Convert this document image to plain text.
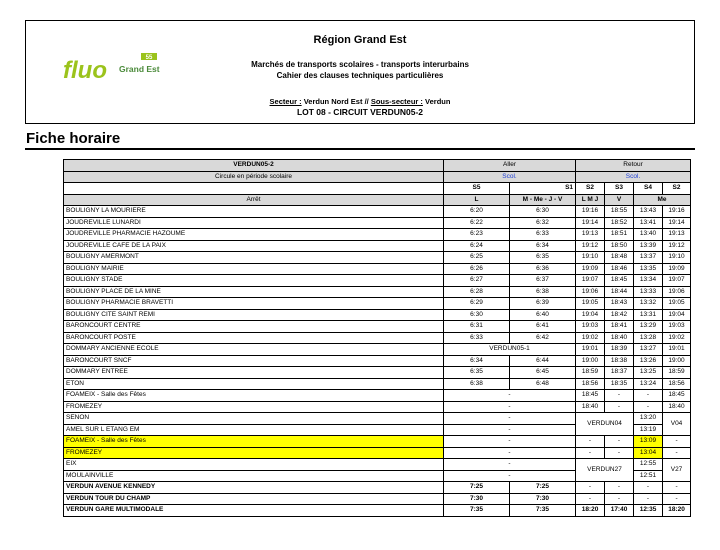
fluo	55
Grand Est
Région Grand Est
Marchés de transports scolaires - transports interurbains
Cahier des clauses techniques particulières
Secteur : Verdun Nord Est // Sous-secteur : Verdun
LOT 08 - CIRCUIT VERDUN05-2
Fiche horaire
VERDUN05-2	Aller		Retour			
Circule en période scolaire	Scol.		Scol.			
	S5	S1	S2	S3	S4	S2
Arrêt	L	M - Me - J - V	L M J	V	Me	
BOULIGNY LA MOURIERE	6:20	6:30	19:16	18:55	13:43	19:16
JOUDREVILLE LUNARDI	6:22	6:32	19:14	18:52	13:41	19:14
JOUDREVILLE PHARMACIE HAZOUME	6:23	6:33	19:13	18:51	13:40	19:13
JOUDREVILLE CAFE DE LA PAIX	6:24	6:34	19:12	18:50	13:39	19:12
BOULIGNY AMERMONT	6:25	6:35	19:10	18:48	13:37	19:10
BOULIGNY MAIRIE	6:26	6:36	19:09	18:46	13:35	19:09
BOULIGNY STADE	6:27	6:37	19:07	18:45	13:34	19:07
BOULIGNY PLACE DE LA MINE	6:28	6:38	19:06	18:44	13:33	19:06
BOULIGNY PHARMACIE BRAVETTI	6:29	6:39	19:05	18:43	13:32	19:05
BOULIGNY CITE SAINT REMI	6:30	6:40	19:04	18:42	13:31	19:04
BARONCOURT CENTRE	6:31	6:41	19:03	18:41	13:29	19:03
BARONCOURT POSTE	6:33	6:42	19:02	18:40	13:28	19:02
DOMMARY ANCIENNE ECOLE	VERDUN05-1		19:01	18:39	13:27	19:01
BARONCOURT SNCF	6:34	6:44	19:00	18:38	13:26	19:00
DOMMARY ENTREE	6:35	6:45	18:59	18:37	13:25	18:59
ETON	6:38	6:48	18:56	18:35	13:24	18:56
FOAMEIX - Salle des Fêtes	-		18:45	-	-	18:45
FROMEZEY	-		18:40	-	-	18:40
SENON	-		VERDUN04		13:20	V04
AMEL SUR L ETANG EM	-				13:19	
FOAMEIX - Salle des Fêtes	-		-	-	13:09	-
FROMEZEY	-		-	-	13:04	-
EIX	-		VERDUN27		12:55	V27
MOULAINVILLE	-				12:51	
VERDUN AVENUE KENNEDY	7:25	7:25	-	-	-	-
VERDUN TOUR DU CHAMP	7:30	7:30	-	-	-	-
VERDUN GARE MULTIMODALE	7:35	7:35	18:20	17:40	12:35	18:20
